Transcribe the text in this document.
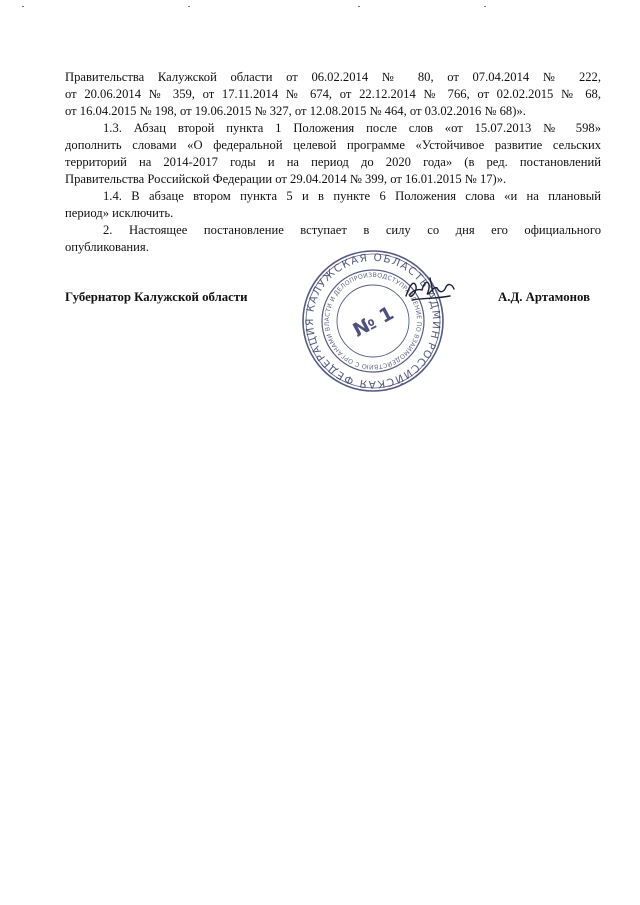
Правительства Калужской области от 06.02.2014 № 80, от 07.04.2014 № 222,
от 20.06.2014 № 359, от 17.11.2014 № 674, от 22.12.2014 № 766, от 02.02.2015 № 68,
от 16.04.2015 № 198, от 19.06.2015 № 327, от 12.08.2015 № 464, от 03.02.2016 № 68)».

1.3. Абзац второй пункта 1 Положения после слов «от 15.07.2013 № 598»
дополнить словами «О федеральной целевой программе «Устойчивое развитие сельских
территорий на 2014-2017 годы и на период до 2020 года» (в ред. постановлений
Правительства Российской Федерации от 29.04.2014 № 399, от 16.01.2015 № 17)».

1.4. В абзаце втором пункта 5 и в пункте 6 Положения слова «и на плановый
период» исключить.

2. Настоящее постановление вступает в силу со дня его официального
опубликования.

РОССИЙСКАЯ ФЕДЕРАЦИЯ КАЛУЖСКАЯ ОБЛАСТЬ АДМИНИСТРАЦИЯ
УПРАВЛЕНИЕ ПО ВЗАИМОДЕЙСТВИЮ С ОРГАНАМИ ВЛАСТИ И ДЕЛОПРОИЗВОДСТВУ
№ 1
Губернатор Калужской области	А.Д. Артамонов
